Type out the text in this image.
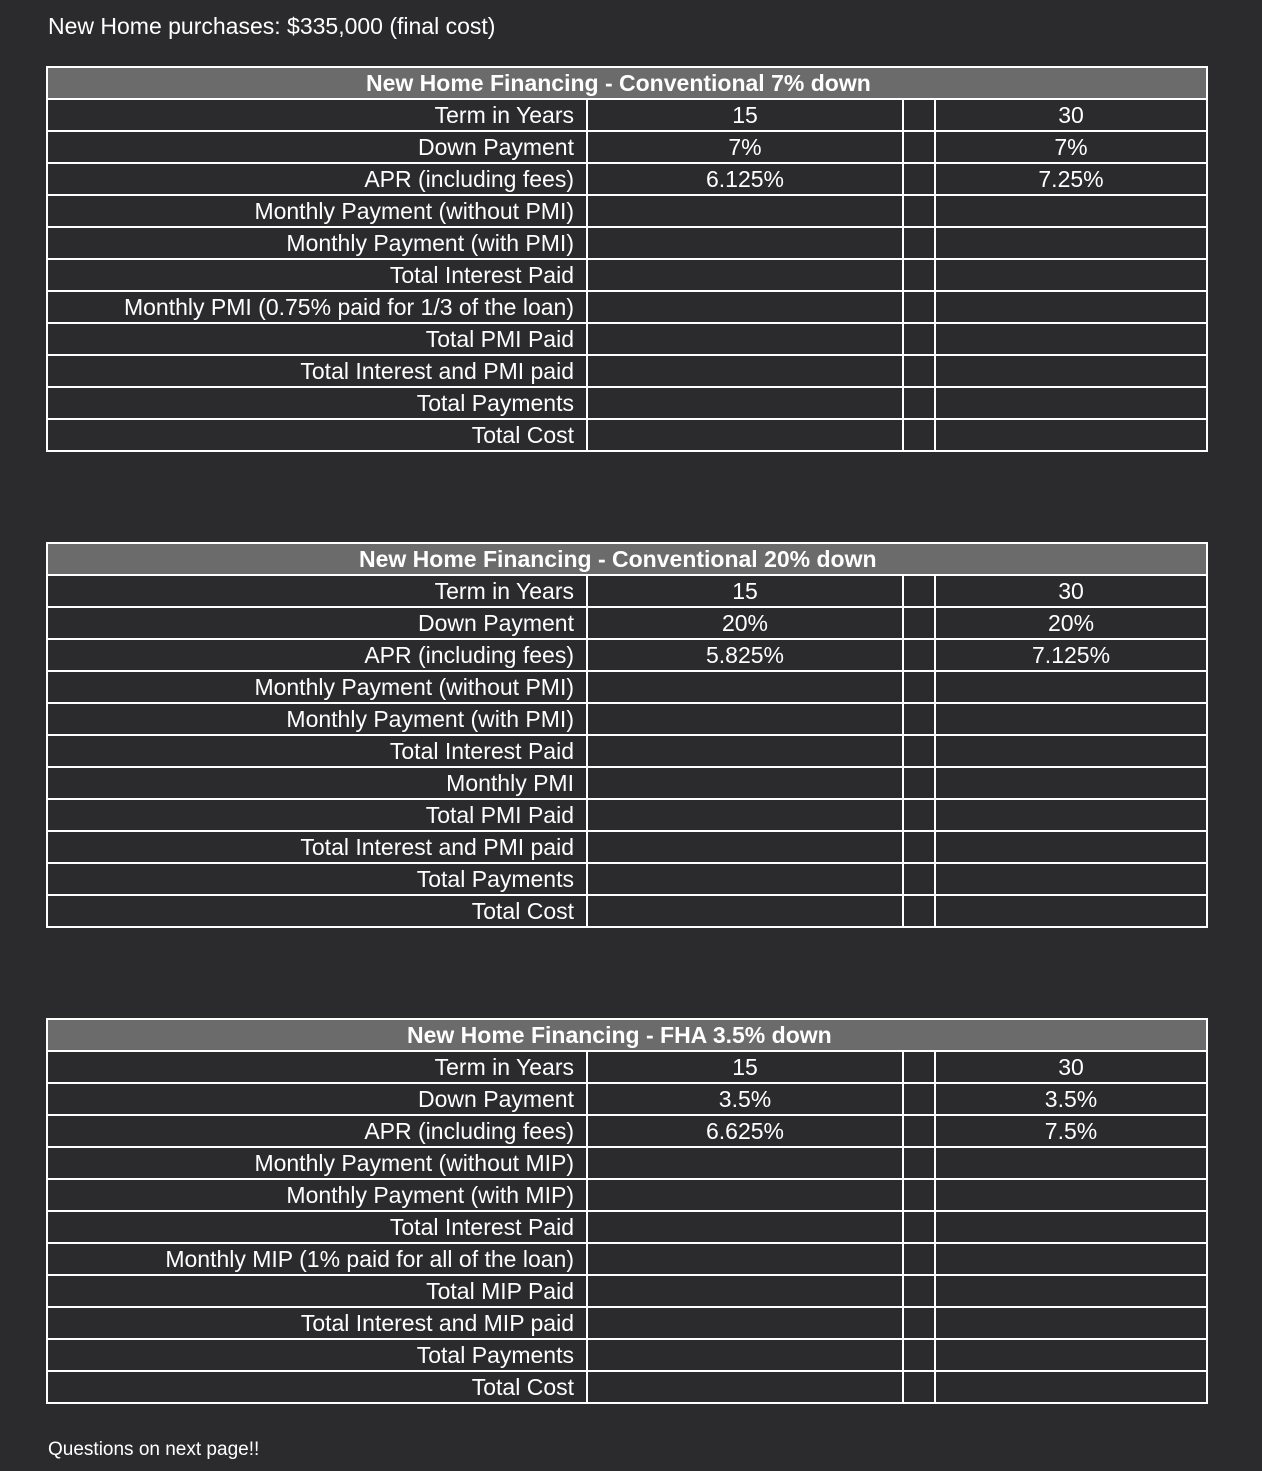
New Home purchases: $335,000 (final cost)
New Home Financing - Conventional 7% down			
Term in Years	15		30
Down Payment	7%		7%
APR (including fees)	6.125%		7.25%
Monthly Payment (without PMI)			
Monthly Payment (with PMI)			
Total Interest Paid			
Monthly PMI (0.75% paid for 1/3 of the loan)			
Total PMI Paid			
Total Interest and PMI paid			
Total Payments			
Total Cost			
New Home Financing - Conventional 20% down			
Term in Years	15		30
Down Payment	20%		20%
APR (including fees)	5.825%		7.125%
Monthly Payment (without PMI)			
Monthly Payment (with PMI)			
Total Interest Paid			
Monthly PMI			
Total PMI Paid			
Total Interest and PMI paid			
Total Payments			
Total Cost			
New Home Financing - FHA 3.5% down			
Term in Years	15		30
Down Payment	3.5%		3.5%
APR (including fees)	6.625%		7.5%
Monthly Payment (without MIP)			
Monthly Payment (with MIP)			
Total Interest Paid			
Monthly MIP (1% paid for all of the loan)			
Total MIP Paid			
Total Interest and MIP paid			
Total Payments			
Total Cost			
Questions on next page!!
